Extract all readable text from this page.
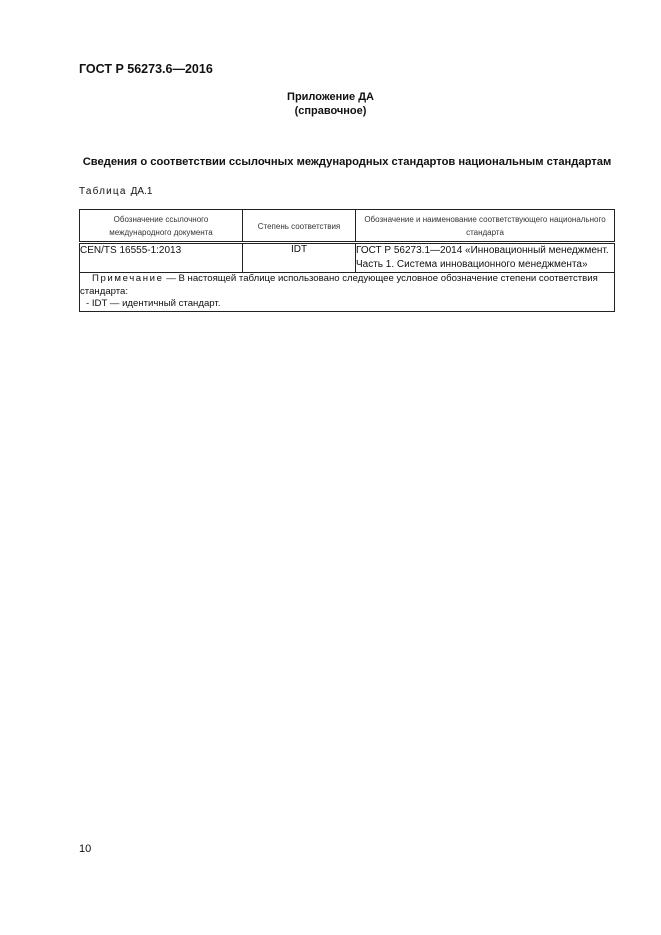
ГОСТ Р 56273.6—2016
Приложение ДА
(справочное)
Сведения о соответствии ссылочных международных стандартов национальным стандартам
Таблица ДА.1
Обозначение ссылочного международного документа	Степень соответствия	Обозначение и наименование соответствующего национального стандарта
CEN/TS 16555-1:2013	IDT	ГОСТ Р 56273.1—2014 «Инновационный менеджмент.
Часть 1. Система инновационного менеджмента»

Примечание — В настоящей таблице использовано следующее условное обозначение степени соответствия стандарта:
- IDT — идентичный стандарт.		
10
